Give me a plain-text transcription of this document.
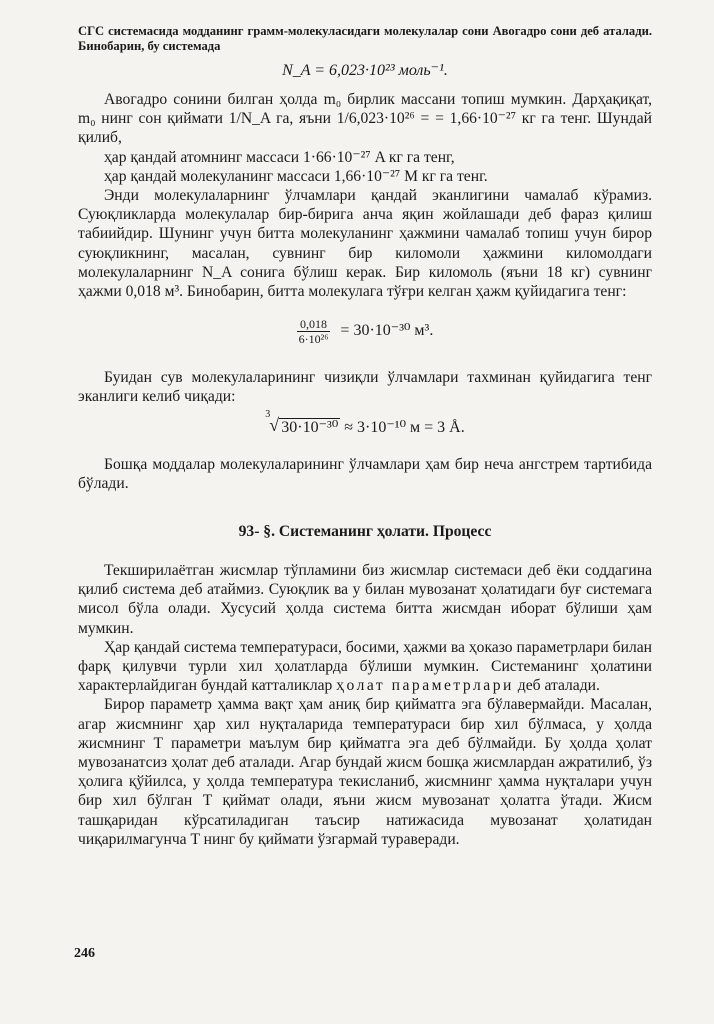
СГС системасида модданинг грамм-молекуласидаги молекулалар сони Авогадро сони деб аталади. Бинобарин, бу системада

N_A = 6,023·10²³ моль⁻¹.

Авогадро сонини билган ҳолда m₀ бирлик массани топиш мумкин. Дарҳақиқат, m₀ нинг сон қиймати 1/N_A га, яъни 1/6,023·10²⁶ = = 1,66·10⁻²⁷ кг га тенг. Шундай қилиб,

ҳар қандай атомнинг массаси 1·66·10⁻²⁷ A кг га тенг,

ҳар қандай молекуланинг массаси 1,66·10⁻²⁷ M кг га тенг.

Энди молекулаларнинг ўлчамлари қандай эканлигини чамалаб кўрамиз. Суюқликларда молекулалар бир-бирига анча яқин жойлашади деб фараз қилиш табиийдир. Шунинг учун битта молекуланинг ҳажмини чамалаб топиш учун бирор суюқликнинг, масалан, сувнинг бир киломоли ҳажмини киломолдаги молекулаларнинг N_A сонига бўлиш керак. Бир киломоль (яъни 18 кг) сувнинг ҳажми 0,018 м³. Бинобарин, битта молекулага тўғри келган ҳажм қуйидагига тенг:

$\frac{0,018}{\text{6·10²⁶}} = 30\cdot 10^{-30}$ м³.

Буидан сув молекулаларининг чизиқли ўлчамлари тахминан қуйидагига тенг эканлиги келиб чиқади:

3
√ 30·10⁻³⁰ ≈ 3·10⁻¹⁰ м = 3 Å.

Бошқа моддалар молекулаларининг ўлчамлари ҳам бир неча ангстрем тартибида бўлади.

93- §. Системанинг ҳолати. Процесс

Текширилаётган жисмлар тўпламини биз жисмлар системаси деб ёки соддагина қилиб система деб атаймиз. Суюқлик ва у билан мувозанат ҳолатидаги буғ системага мисол бўла олади. Хусусий ҳолда система битта жисмдан иборат бўлиши ҳам мумкин.

Ҳар қандай система температураси, босими, ҳажми ва ҳоказо параметрлари билан фарқ қилувчи турли хил ҳолатларда бўлиши мумкин. Системанинг ҳолатини характерлайдиган бундай катталиклар ҳолат параметрлари деб аталади.

Бирор параметр ҳамма вақт ҳам аниқ бир қийматга эга бўлавермайди. Масалан, агар жисмнинг ҳар хил нуқталарида температураси бир хил бўлмаса, у ҳолда жисмнинг T параметри маълум бир қийматга эга деб бўлмайди. Бу ҳолда ҳолат мувозанатсиз ҳолат деб аталади. Агар бундай жисм бошқа жисмлардан ажратилиб, ўз ҳолига қўйилса, у ҳолда температура текисланиб, жисмнинг ҳамма нуқталари учун бир хил бўлган T қиймат олади, яъни жисм мувозанат ҳолатга ўтади. Жисм ташқаридан кўрсатиладиган таъсир натижасида мувозанат ҳолатидан чиқарилмагунча T нинг бу қиймати ўзгармай тураверади.

246
